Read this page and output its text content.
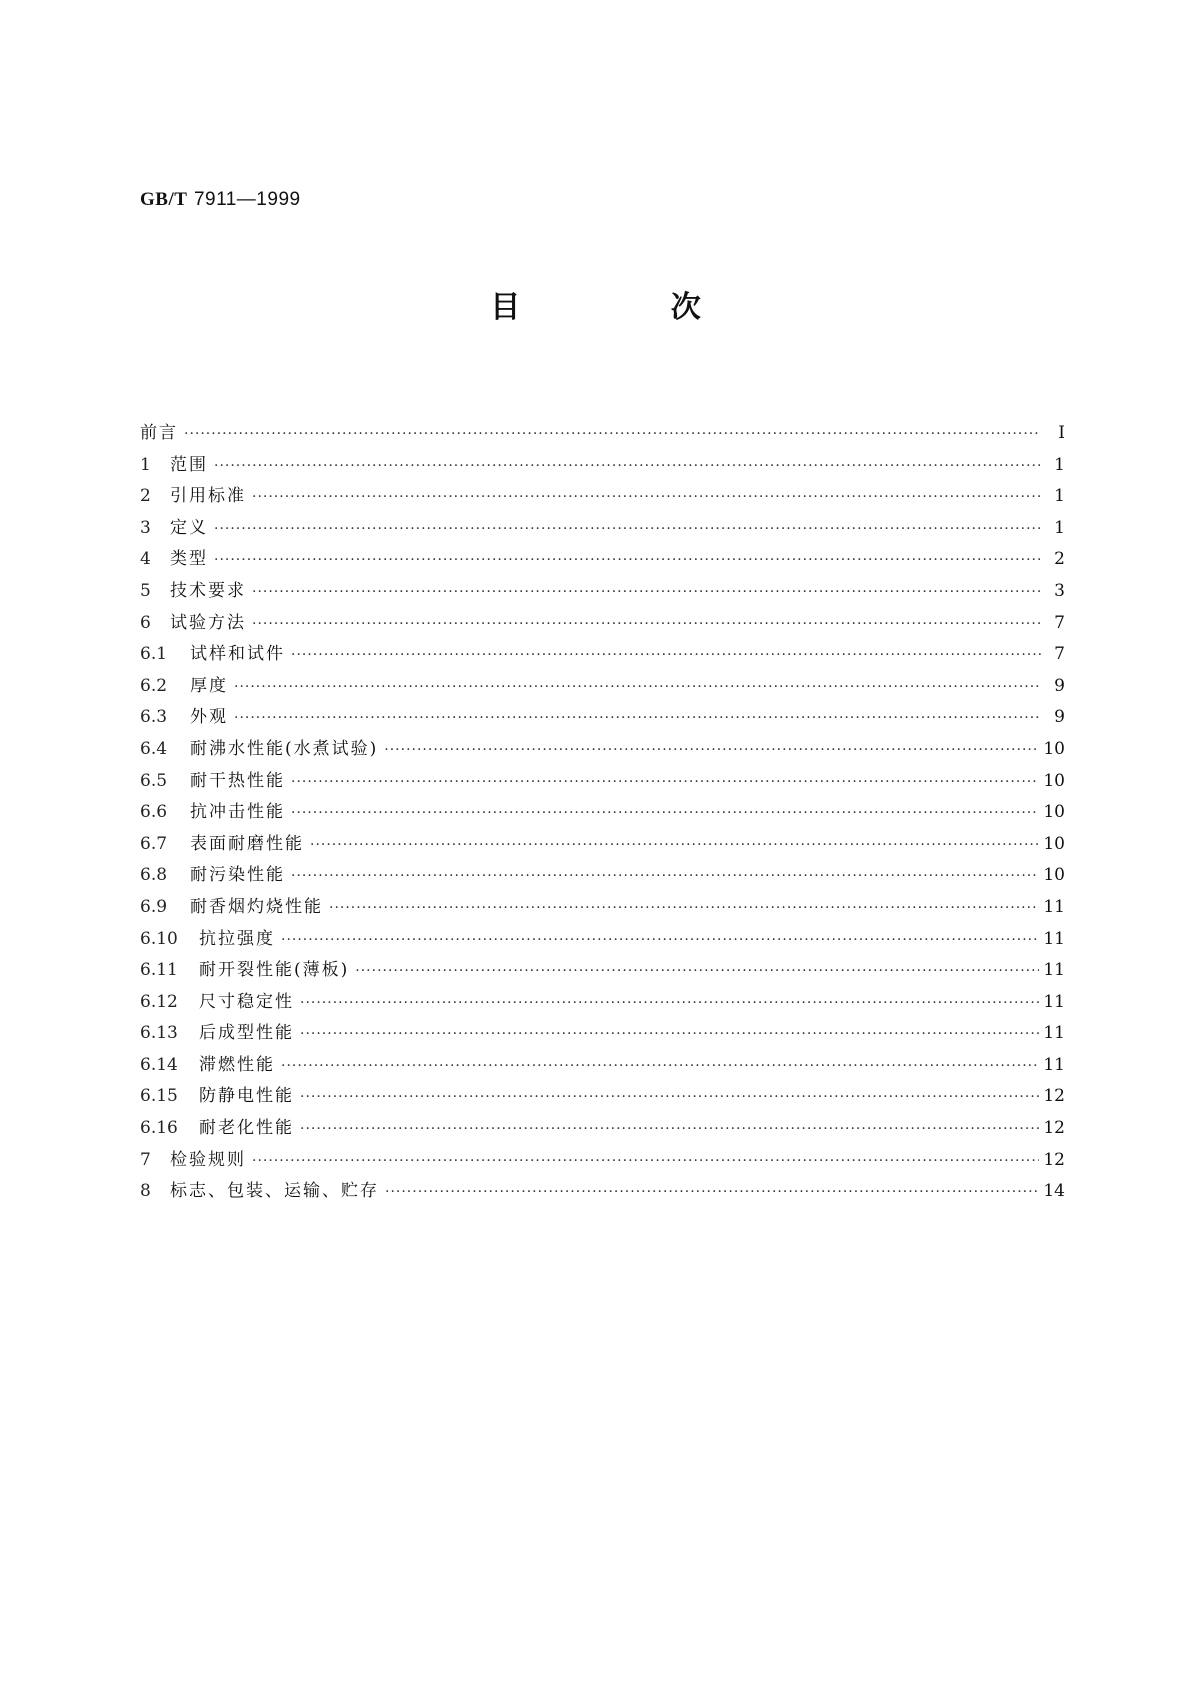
GB/T 7911—1999
目 次
前言 ·····	I
1	范围 ·····	1
2	引用标准 ·····	1
3	定义 ·····	1
4	类型 ·····	2
5	技术要求 ·····	3
6	试验方法 ·····	7
6.1	试样和试件 ·····	7
6.2	厚度 ·····	9
6.3	外观 ·····	9
6.4	耐沸水性能(水煮试验) ·····	10
6.5	耐干热性能 ·····	10
6.6	抗冲击性能 ·····	10
6.7	表面耐磨性能 ·····	10
6.8	耐污染性能 ·····	10
6.9	耐香烟灼烧性能 ·····	11
6.10	抗拉强度 ·····	11
6.11	耐开裂性能(薄板) ·····	11
6.12	尺寸稳定性 ·····	11
6.13	后成型性能 ·····	11
6.14	滞燃性能 ·····	11
6.15	防静电性能 ·····	12
6.16	耐老化性能 ·····	12
7	检验规则 ·····	12
8	标志、包装、运输、贮存 ·····	14
